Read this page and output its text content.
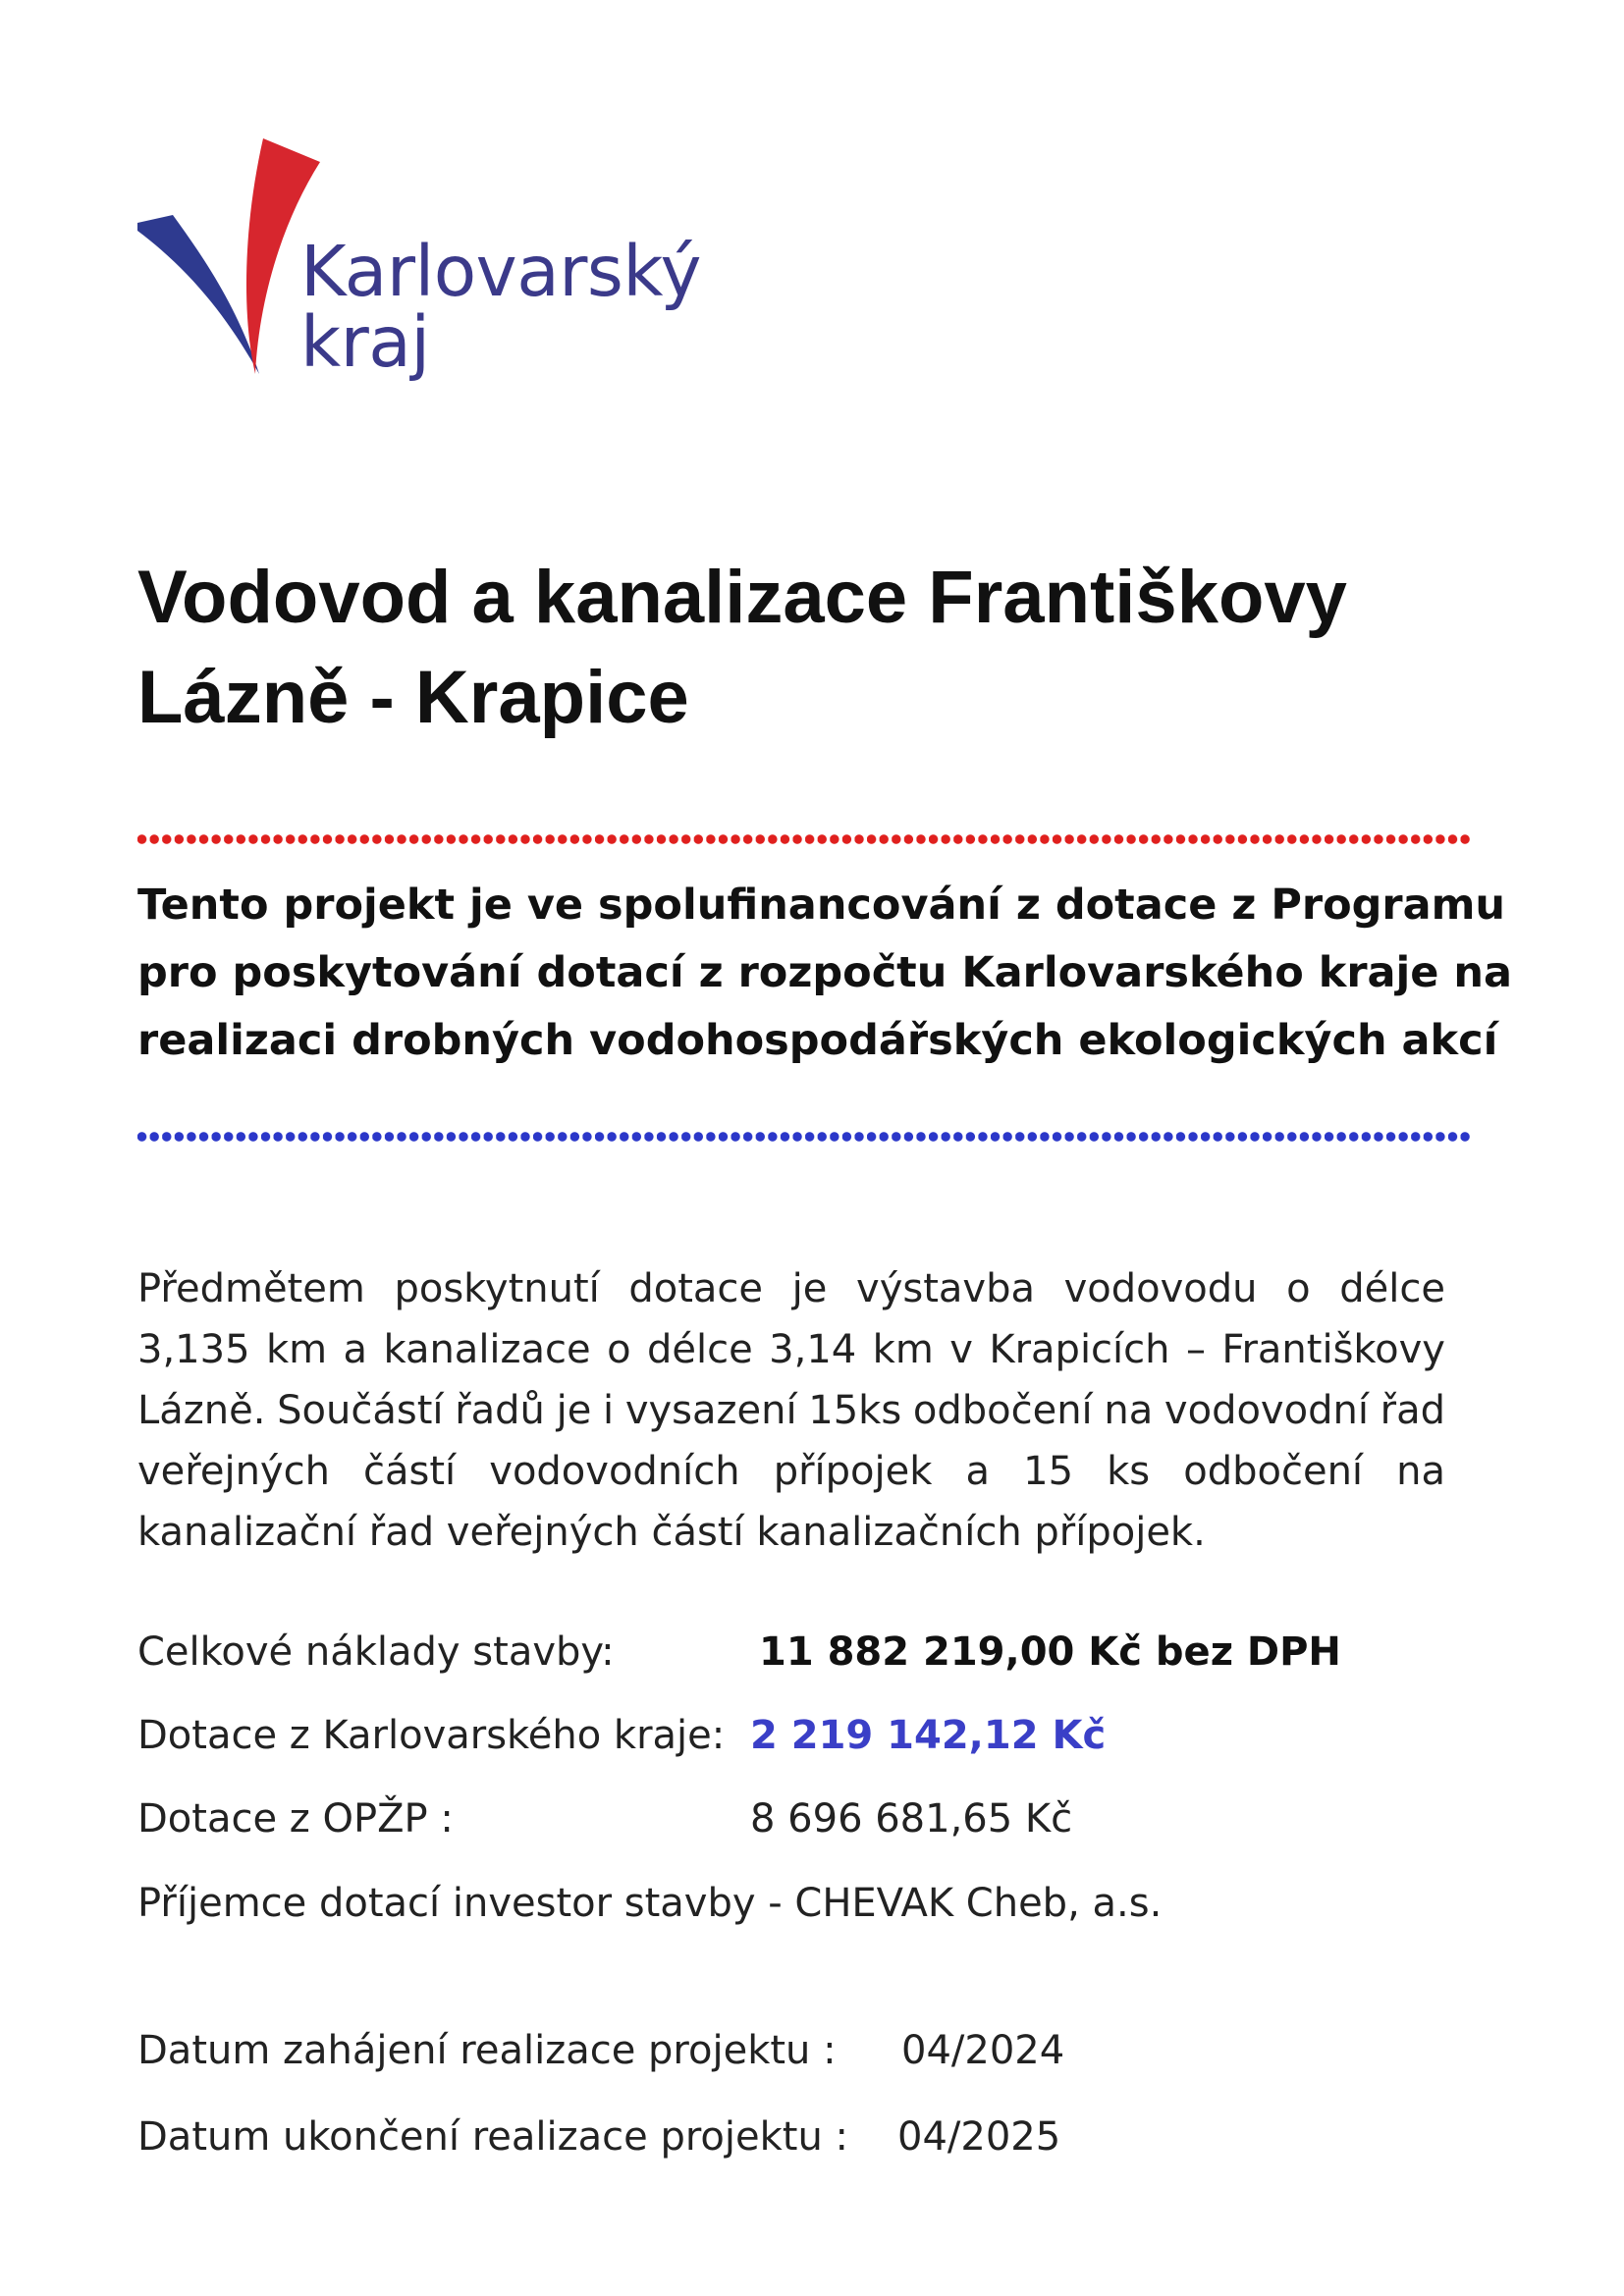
Karlovarský
kraj
Vodovod a kanalizace Františkovy
Lázně - Krapice
Tento projekt je ve spolufinancování z dotace z Programu
pro poskytování dotací z rozpočtu Karlovarského kraje na
realizaci drobných vodohospodářských ekologických akcí
Předmětem poskytnutí dotace je výstavba vodovodu o délce
3,135 km a kanalizace o délce 3,14 km v Krapicích – Františkovy
Lázně. Součástí řadů je i vysazení 15ks odbočení na vodovodní řad
veřejných částí vodovodních přípojek a 15 ks odbočení na
kanalizační řad veřejných částí kanalizačních přípojek.
Celkové náklady stavby:	11 882 219,00 Kč bez DPH
Dotace z Karlovarského kraje: 2 219 142,12 Kč
Dotace z OPŽP :	8 696 681,65 Kč
Příjemce dotací investor stavby - CHEVAK Cheb, a.s.
Datum zahájení realizace projektu : 04/2024
Datum ukončení realizace projektu : 04/2025
